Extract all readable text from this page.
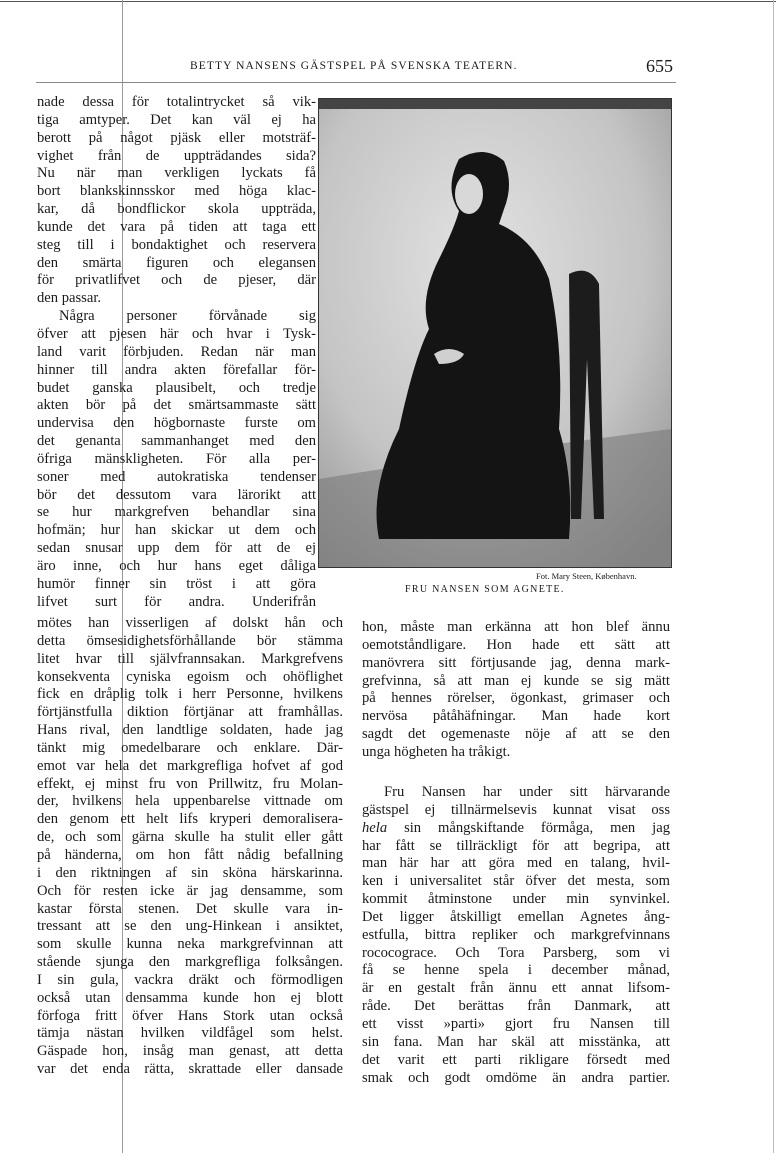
BETTY NANSENS GÄSTSPEL PÅ SVENSKA TEATERN.	655
nade dessa för totalintrycket så vik-
tiga amtyper. Det kan väl ej ha
berott på något pjäsk eller motsträf-
vighet från de uppträdandes sida?
Nu när man verkligen lyckats få
bort blankskinnsskor med höga klac-
kar, då bondflickor skola uppträda,
kunde det vara på tiden att taga ett
steg till i bondaktighet och reservera
den smärta figuren och elegansen
för privatlifvet och de pjeser, där
den passar.
Några personer förvånade sig
öfver att pjesen här och hvar i Tysk-
land varit förbjuden. Redan när man
hinner till andra akten förefallar för-
budet ganska plausibelt, och tredje
akten bör på det smärtsammaste sätt
undervisa den högbornaste furste om
det genanta sammanhanget med den
öfriga mänskligheten. För alla per-
soner med autokratiska tendenser
bör det dessutom vara lärorikt att
se hur markgrefven behandlar sina
hofmän; hur han skickar ut dem och
sedan snusar upp dem för att de ej
äro inne, och hur hans eget dåliga
humör finner sin tröst i att göra
lifvet surt för andra. Underifrån
mötes han visserligen af dolskt hån och
detta ömsesidighetsförhållande bör stämma
litet hvar till självfrannsakan. Markgrefvens
konsekventa cyniska egoism och ohöflighet
fick en dråplig tolk i herr Personne, hvilkens
förtjänstfulla diktion förtjänar att framhållas.
Hans rival, den landtlige soldaten, hade jag
tänkt mig omedelbarare och enklare. Där-
emot var hela det markgrefliga hofvet af god
effekt, ej minst fru von Prillwitz, fru Molan-
der, hvilkens hela uppenbarelse vittnade om
den genom ett helt lifs kryperi demoralisera-
de, och som gärna skulle ha stulit eller gått
på händerna, om hon fått nådig befallning
i den riktningen af sin sköna härskarinna.
Och för resten icke är jag densamme, som
kastar första stenen. Det skulle vara in-
tressant att se den ung-Hinkean i ansiktet,
som skulle kunna neka markgrefvinnan att
stående sjunga den markgrefliga folksången.
I sin gula, vackra dräkt och förmodligen
också utan densamma kunde hon ej blott
förfoga fritt öfver Hans Stork utan också
tämja nästan hvilken vildfågel som helst.
Gäspade hon, insåg man genast, att detta
var det enda rätta, skrattade eller dansade
hon, måste man erkänna att hon blef ännu
oemotståndligare. Hon hade ett sätt att
manövrera sitt förtjusande jag, denna mark-
grefvinna, så att man ej kunde se sig mätt
på hennes rörelser, ögonkast, grimaser och
nervösa påtåhäfningar. Man hade kort
sagdt det ogemenaste nöje af att se den
unga högheten ha tråkigt.
Fru Nansen har under sitt härvarande
gästspel ej tillnärmelsevis kunnat visat oss
hela sin mångskiftande förmåga, men jag
har fått se tillräckligt för att begripa, att
man här har att göra med en talang, hvil-
ken i universalitet står öfver det mesta, som
kommit åtminstone under min synvinkel.
Det ligger åtskilligt emellan Agnetes ång-
estfulla, bittra repliker och markgrefvinnans
rococograce. Och Tora Parsberg, som vi
få se henne spela i december månad,
är en gestalt från ännu ett annat lifsom-
råde. Det berättas från Danmark, att
ett visst »parti» gjort fru Nansen till
sin fana. Man har skäl att misstänka, att
det varit ett parti rikligare försedt med
smak och godt omdöme än andra partier.
Fot. Mary Steen, København.
FRU NANSEN SOM AGNETE.
